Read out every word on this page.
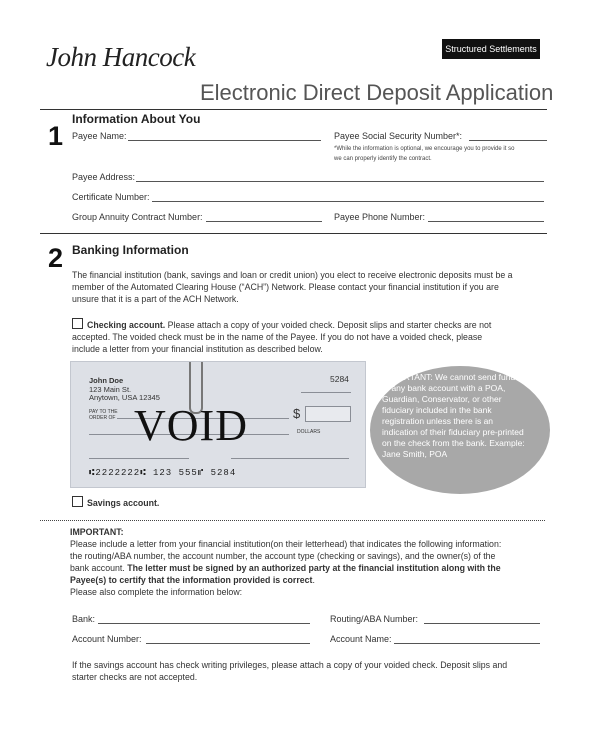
John Hancock	Structured Settlements
Electronic Direct Deposit Application
1
Information About You
Payee Name:	Payee Social Security Number*:
*While the information is optional, we encourage you to provide it so
we can properly identify the contract.
Payee Address:
Certificate Number:
Group Annuity Contract Number:	Payee Phone Number:
2 Banking Information
The financial institution (bank, savings and loan or credit union) you elect to receive electronic deposits must be a
member of the Automated Clearing House (“ACH”) Network. Please contact your financial institution if you are
unsure that it is a part of the ACH Network.
Checking account. Please attach a copy of your voided check. Deposit slips and starter checks are not
accepted. The voided check must be in the name of the Payee. If you do not have a voided check, please
include a letter from your financial institution as described below.
John Doe
123 Main St.
Anytown, USA 12345
5284
PAY TO THE
ORDER OF	$
DOLLARS
VOID
⑆2222222⑆ 123 555⑈ 5284
IMPORTANT: We cannot send funds to any bank account with a POA, Guardian, Conservator, or other fiduciary included in the bank registration unless there is an indication of their fiduciary pre-printed on the check from the bank. Example: Jane Smith, POA
Savings account.
IMPORTANT:
Please include a letter from your financial institution(on their letterhead) that indicates the following information:
the routing/ABA number, the account number, the account type (checking or savings), and the owner(s) of the
bank account. The letter must be signed by an authorized party at the financial institution along with the
Payee(s) to certify that the information provided is correct.
Please also complete the information below:
Bank:	Routing/ABA Number:
Account Number:	Account Name:
If the savings account has check writing privileges, please attach a copy of your voided check. Deposit slips and
starter checks are not accepted.
